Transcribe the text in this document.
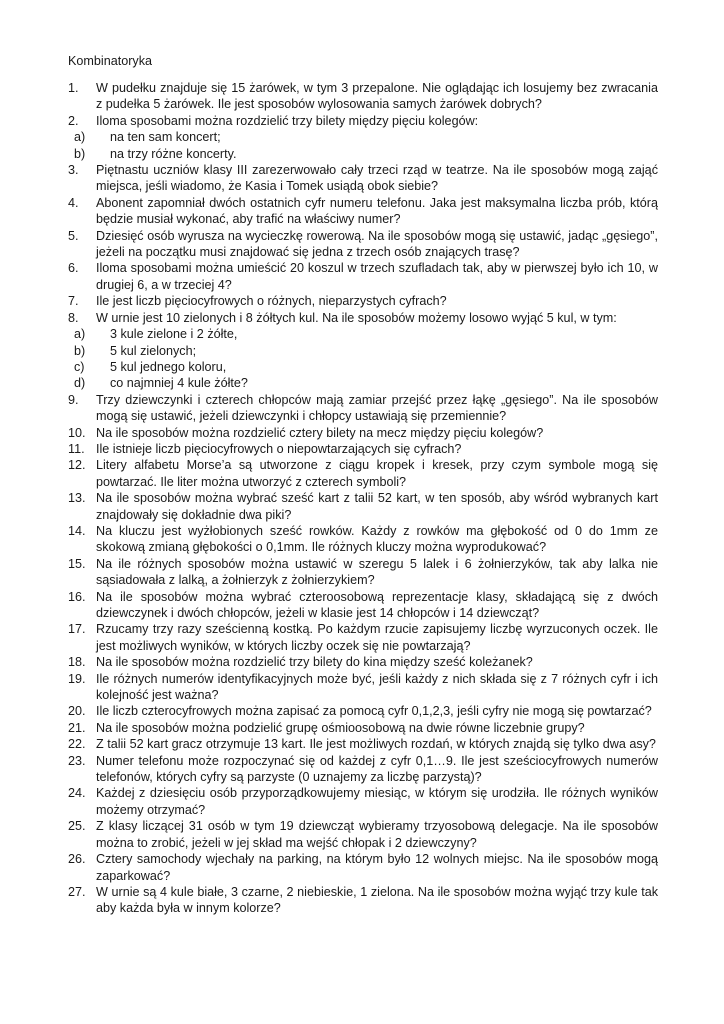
Kombinatoryka
1. W pudełku znajduje się 15 żarówek, w tym 3 przepalone. Nie oglądając ich losujemy bez zwracania z pudełka 5 żarówek. Ile jest sposobów wylosowania samych żarówek dobrych?
2. Ilomа sposobami można rozdzielić trzy bilety między pięciu kolegów:
a) na ten sam koncert;
b) na trzy różne koncerty.
3. Piętnastu uczniów klasy III zarezerwowało cały trzeci rząd w teatrze. Na ile sposobów mogą zająć miejsca, jeśli wiadomo, że Kasia i Tomek usiądą obok siebie?
4. Abonent zapomniał dwóch ostatnich cyfr numeru telefonu. Jaka jest maksymalna liczba prób, którą będzie musiał wykonać, aby trafić na właściwy numer?
5. Dziesięć osób wyrusza na wycieczkę rowerową. Na ile sposobów mogą się ustawić, jadąc „gęsiego”, jeżeli na początku musi znajdować się jedna z trzech osób znających trasę?
6. Ilomа sposobami można umieścić 20 koszul w trzech szufladach tak, aby w pierwszej było ich 10, w drugiej 6, a w trzeciej 4?
7. Ile jest liczb pięciocyfrowych o różnych, nieparzystych cyfrach?
8. W urnie jest 10 zielonych i 8 żółtych kul. Na ile sposobów możemy losowo wyjąć 5 kul, w tym:
a) 3 kule zielone i 2 żółte,
b) 5 kul zielonych;
c) 5 kul jednego koloru,
d) co najmniej 4 kule żółte?
9. Trzy dziewczynki i czterech chłopców mają zamiar przejść przez łąkę „gęsiego”. Na ile sposobów mogą się ustawić, jeżeli dziewczynki i chłopcy ustawiają się przemiennie?
10. Na ile sposobów można rozdzielić cztery bilety na mecz między pięciu kolegów?
11. Ile istnieje liczb pięciocyfrowych o niepowtarzających się cyfrach?
12. Litery alfabetu Morse’a są utworzone z ciągu kropek i kresek, przy czym symbole mogą się powtarzać. Ile liter można utworzyć z czterech symboli?
13. Na ile sposobów można wybrać sześć kart z talii 52 kart, w ten sposób, aby wśród wybranych kart znajdowały się dokładnie dwa piki?
14. Na kluczu jest wyżłobionych sześć rowków. Każdy z rowków ma głębokość od 0 do 1mm ze skokową zmianą głębokości o 0,1mm. Ile różnych kluczy można wyprodukować?
15. Na ile różnych sposobów można ustawić w szeregu 5 lalek i 6 żołnierzyków, tak aby lalka nie sąsiadowała z lalką, a żołnierzyk z żołnierzykiem?
16. Na ile sposobów można wybrać czteroosobową reprezentacje klasy, składającą się z dwóch dziewczynek i dwóch chłopców, jeżeli w klasie jest 14 chłopców i 14 dziewcząt?
17. Rzucamy trzy razy sześcienną kostką. Po każdym rzucie zapisujemy liczbę wyrzuconych oczek. Ile jest możliwych wyników, w których liczby oczek się nie powtarzają?
18. Na ile sposobów można rozdzielić trzy bilety do kina między sześć koleżanek?
19. Ile różnych numerów identyfikacyjnych może być, jeśli każdy z nich składa się z 7 różnych cyfr i ich kolejność jest ważna?
20. Ile liczb czterocyfrowych można zapisać za pomocą cyfr 0,1,2,3, jeśli cyfry nie mogą się powtarzać?
21. Na ile sposobów można podzielić grupę ośmioosobową na dwie równe liczebnie grupy?
22. Z talii 52 kart gracz otrzymuje 13 kart. Ile jest możliwych rozdań, w których znajdą się tylko dwa asy?
23. Numer telefonu może rozpoczynać się od każdej z cyfr 0,1…9. Ile jest sześciocyfrowych numerów telefonów, których cyfry są parzyste (0 uznajemy za liczbę parzystą)?
24. Każdej z dziesięciu osób przyporządkowujemy miesiąc, w którym się urodziła. Ile różnych wyników możemy otrzymać?
25. Z klasy liczącej 31 osób w tym 19 dziewcząt wybieramy trzyosobową delegacje. Na ile sposobów można to zrobić, jeżeli w jej skład ma wejść chłopak i 2 dziewczyny?
26. Cztery samochody wjechały na parking, na którym było 12 wolnych miejsc. Na ile sposobów mogą zaparkować?
27. W urnie są 4 kule białe, 3 czarne, 2 niebieskie, 1 zielona. Na ile sposobów można wyjąć trzy kule tak aby każda była w innym kolorze?
